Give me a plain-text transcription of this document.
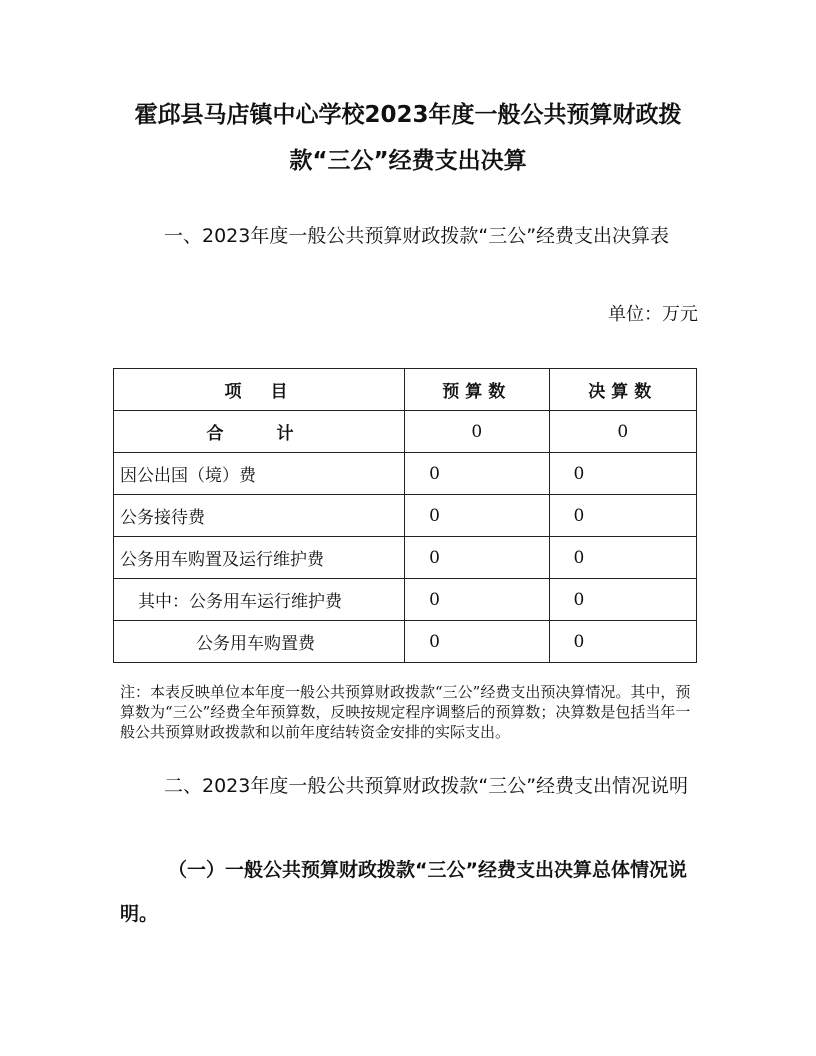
霍邱县马店镇中心学校2023年度一般公共预算财政拨款“三公”经费支出决算

一、2023年度一般公共预算财政拨款“三公”经费支出决算表

单位：万元
项　目	预算数	决算数
合　计	0	0
因公出国（境）费	0	0
公务接待费	0	0
公务用车购置及运行维护费	0	0
其中：公务用车运行维护费	0	0
公务用车购置费	0	0

注：本表反映单位本年度一般公共预算财政拨款“三公”经费支出预决算情况。其中，预算数为“三公”经费全年预算数，反映按规定程序调整后的预算数；决算数是包括当年一般公共预算财政拨款和以前年度结转资金安排的实际支出。

二、2023年度一般公共预算财政拨款“三公”经费支出情况说明

（一）一般公共预算财政拨款“三公”经费支出决算总体情况说明。
